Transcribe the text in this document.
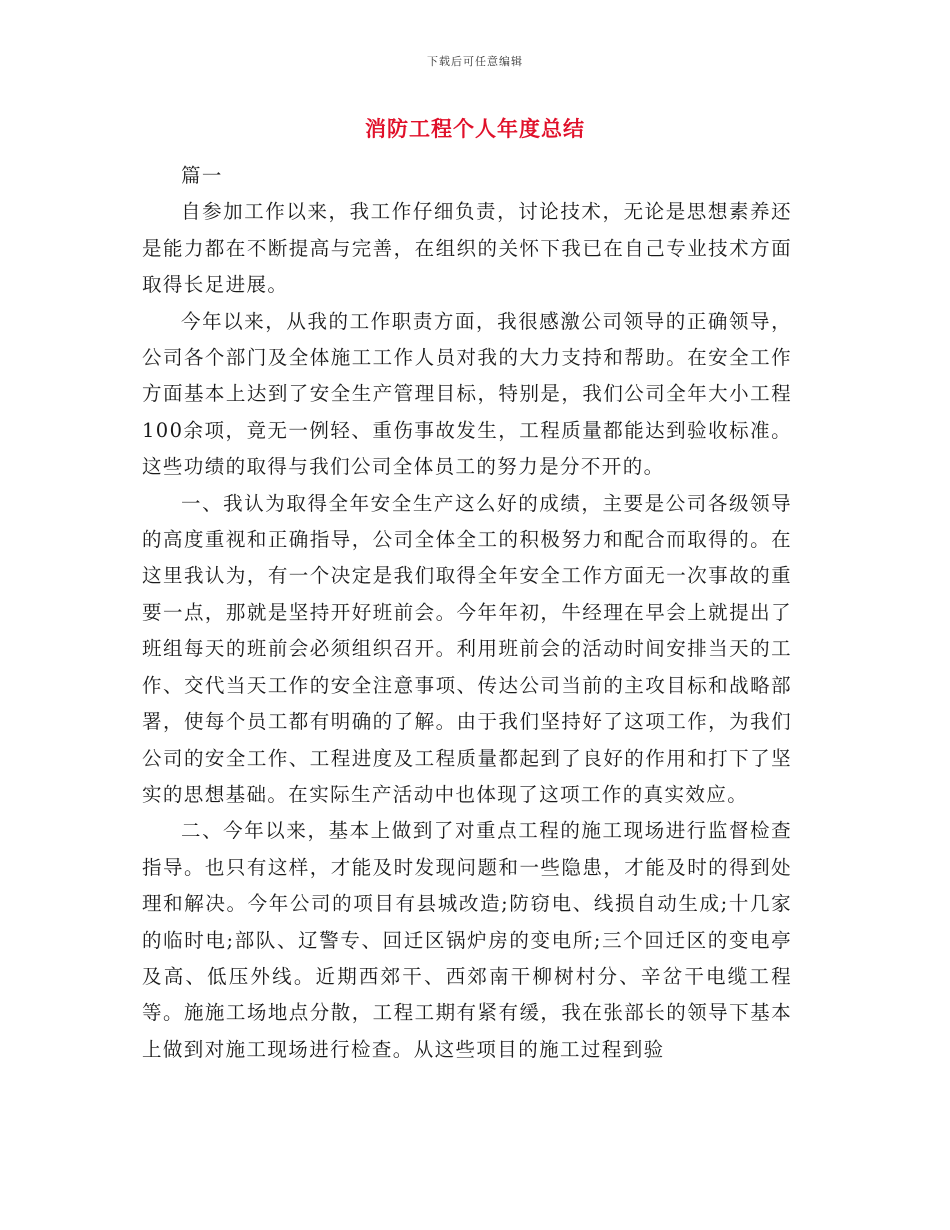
下载后可任意编辑
消防工程个人年度总结

篇一

自参加工作以来，我工作仔细负责，讨论技术，无论是思想素养还是能力都在不断提高与完善，在组织的关怀下我已在自己专业技术方面取得长足进展。

今年以来，从我的工作职责方面，我很感激公司领导的正确领导，公司各个部门及全体施工工作人员对我的大力支持和帮助。在安全工作方面基本上达到了安全生产管理目标，特别是，我们公司全年大小工程100余项，竟无一例轻、重伤事故发生，工程质量都能达到验收标准。这些功绩的取得与我们公司全体员工的努力是分不开的。

一、我认为取得全年安全生产这么好的成绩，主要是公司各级领导的高度重视和正确指导，公司全体全工的积极努力和配合而取得的。在这里我认为，有一个决定是我们取得全年安全工作方面无一次事故的重要一点，那就是坚持开好班前会。今年年初，牛经理在早会上就提出了班组每天的班前会必须组织召开。利用班前会的活动时间安排当天的工作、交代当天工作的安全注意事项、传达公司当前的主攻目标和战略部署，使每个员工都有明确的了解。由于我们坚持好了这项工作，为我们公司的安全工作、工程进度及工程质量都起到了良好的作用和打下了坚实的思想基础。在实际生产活动中也体现了这项工作的真实效应。

二、今年以来，基本上做到了对重点工程的施工现场进行监督检查指导。也只有这样，才能及时发现问题和一些隐患，才能及时的得到处理和解决。今年公司的项目有县城改造;防窃电、线损自动生成;十几家的临时电;部队、辽警专、回迁区锅炉房的变电所;三个回迁区的变电亭及高、低压外线。近期西郊干、西郊南干柳树村分、辛岔干电缆工程等。施施工场地点分散，工程工期有紧有缓，我在张部长的领导下基本上做到对施工现场进行检查。从这些项目的施工过程到验
